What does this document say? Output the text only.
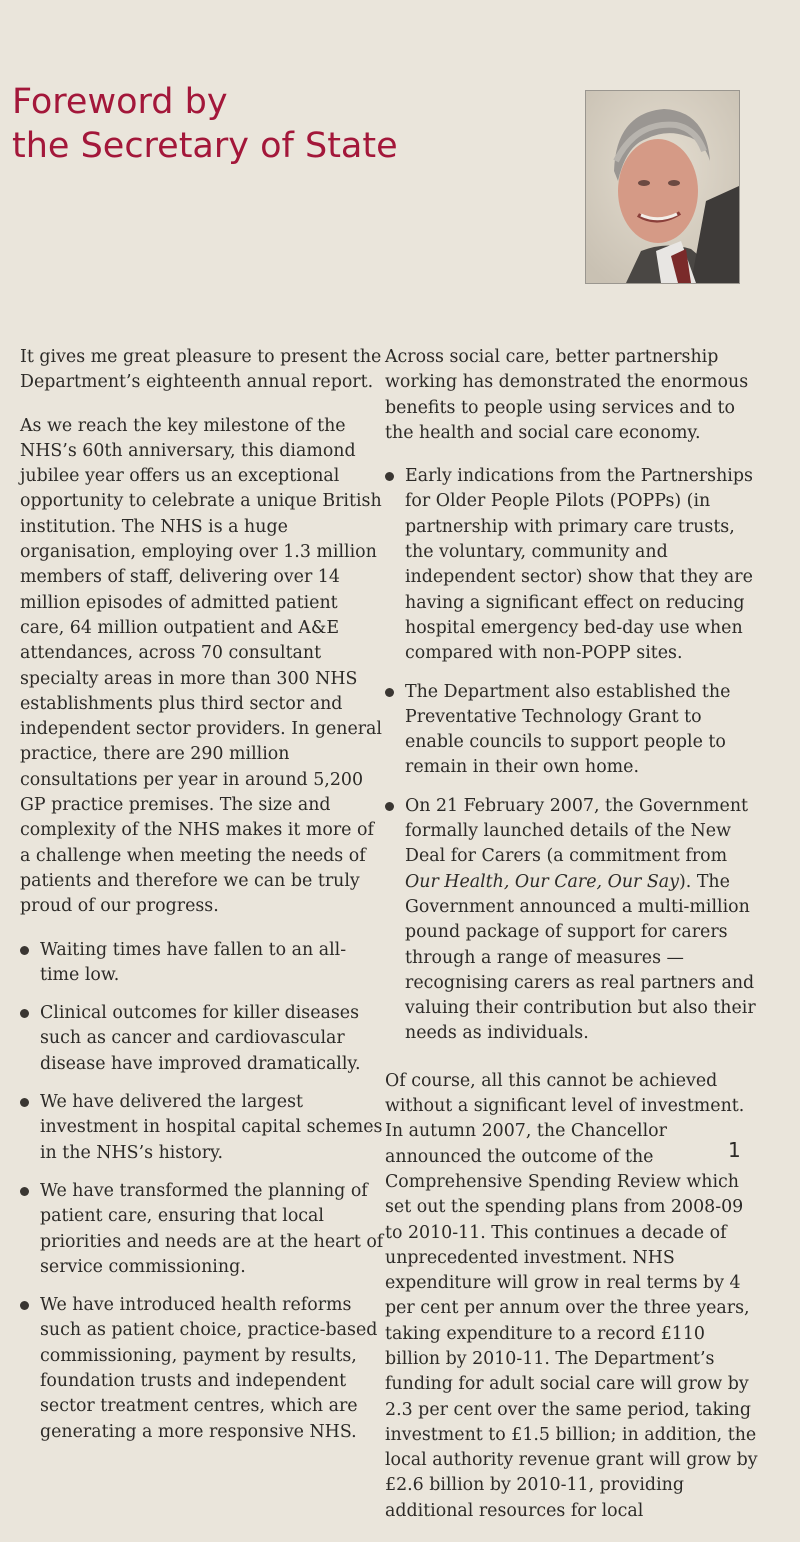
Foreword by
the Secretary of State

It gives me great pleasure to present the Department’s eighteenth annual report.

As we reach the key milestone of the NHS’s 60th anniversary, this diamond jubilee year offers us an exceptional opportunity to celebrate a unique British institution. The NHS is a huge organisation, employing over 1.3 million members of staff, delivering over 14 million episodes of admitted patient care, 64 million outpatient and A&E attendances, across 70 consultant specialty areas in more than 300 NHS establishments plus third sector and independent sector providers. In general practice, there are 290 million consultations per year in around 5,200 GP practice premises. The size and complexity of the NHS makes it more of a challenge when meeting the needs of patients and therefore we can be truly proud of our progress.

Waiting times have fallen to an all-time low.
Clinical outcomes for killer diseases such as cancer and cardiovascular disease have improved dramatically.
We have delivered the largest investment in hospital capital schemes in the NHS’s history.
We have transformed the planning of patient care, ensuring that local priorities and needs are at the heart of service commissioning.
We have introduced health reforms such as patient choice, practice-based commissioning, payment by results, foundation trusts and independent sector treatment centres, which are generating a more responsive NHS.

Across social care, better partnership working has demonstrated the enormous benefits to people using services and to the health and social care economy.

Early indications from the Partnerships for Older People Pilots (POPPs) (in partnership with primary care trusts, the voluntary, community and independent sector) show that they are having a significant effect on reducing hospital emergency bed-day use when compared with non-POPP sites.
The Department also established the Preventative Technology Grant to enable councils to support people to remain in their own home.
On 21 February 2007, the Government formally launched details of the New Deal for Carers (a commitment from Our Health, Our Care, Our Say). The Government announced a multi-million pound package of support for carers through a range of measures — recognising carers as real partners and valuing their contribution but also their needs as individuals.

Of course, all this cannot be achieved without a significant level of investment. In autumn 2007, the Chancellor announced the outcome of the Comprehensive Spending Review which set out the spending plans from 2008-09 to 2010-11. This continues a decade of unprecedented investment. NHS expenditure will grow in real terms by 4 per cent per annum over the three years, taking expenditure to a record £110 billion by 2010-11. The Department’s funding for adult social care will grow by 2.3 per cent over the same period, taking investment to £1.5 billion; in addition, the local authority revenue grant will grow by £2.6 billion by 2010-11, providing additional resources for local

1
